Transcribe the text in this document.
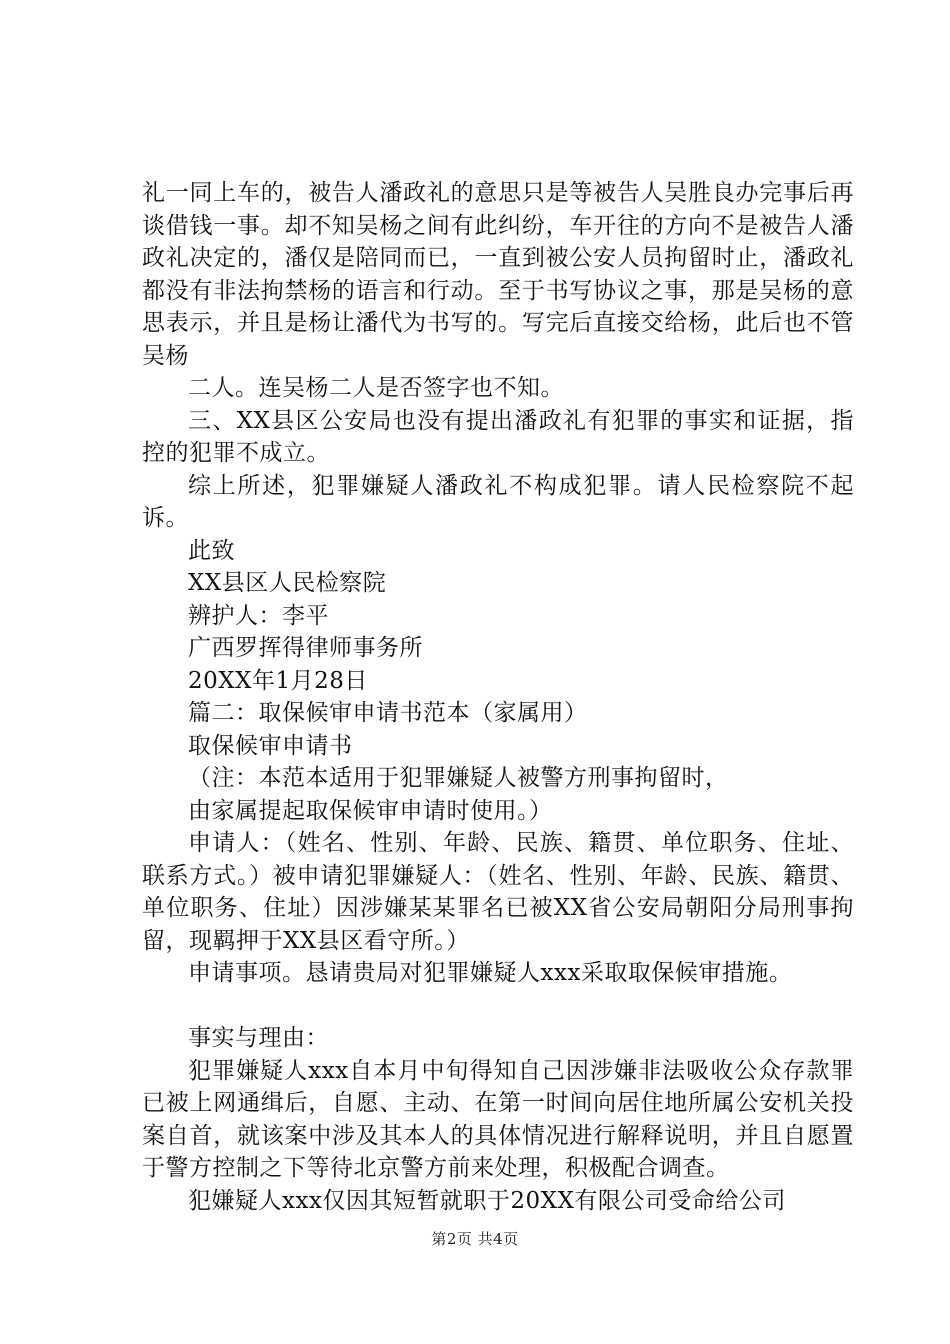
礼一同上车的，被告人潘政礼的意思只是等被告人吴胜良办完事后再谈借钱一事。却不知吴杨之间有此纠纷，车开往的方向不是被告人潘政礼决定的，潘仅是陪同而已，一直到被公安人员拘留时止，潘政礼都没有非法拘禁杨的语言和行动。至于书写协议之事，那是吴杨的意思表示，并且是杨让潘代为书写的。写完后直接交给杨，此后也不管吴杨

二人。连吴杨二人是否签字也不知。

三、XX县区公安局也没有提出潘政礼有犯罪的事实和证据，指控的犯罪不成立。

综上所述，犯罪嫌疑人潘政礼不构成犯罪。请人民检察院不起诉。

此致

XX县区人民检察院

辨护人：李平

广西罗挥得律师事务所

20XX年1月28日

篇二：取保候审申请书范本（家属用）

取保候审申请书

（注：本范本适用于犯罪嫌疑人被警方刑事拘留时，

由家属提起取保候审申请时使用。）

申请人：（姓名、性别、年龄、民族、籍贯、单位职务、住址、联系方式。）被申请犯罪嫌疑人：（姓名、性别、年龄、民族、籍贯、单位职务、住址）因涉嫌某某罪名已被XX省公安局朝阳分局刑事拘留，现羁押于XX县区看守所。）

申请事项。恳请贵局对犯罪嫌疑人xxx采取取保候审措施。

事实与理由：

犯罪嫌疑人xxx自本月中旬得知自己因涉嫌非法吸收公众存款罪已被上网通缉后，自愿、主动、在第一时间向居住地所属公安机关投案自首，就该案中涉及其本人的具体情况进行解释说明，并且自愿置于警方控制之下等待北京警方前来处理，积极配合调查。

犯嫌疑人xxx仅因其短暂就职于20XX有限公司受命给公司

第2页 共4页
